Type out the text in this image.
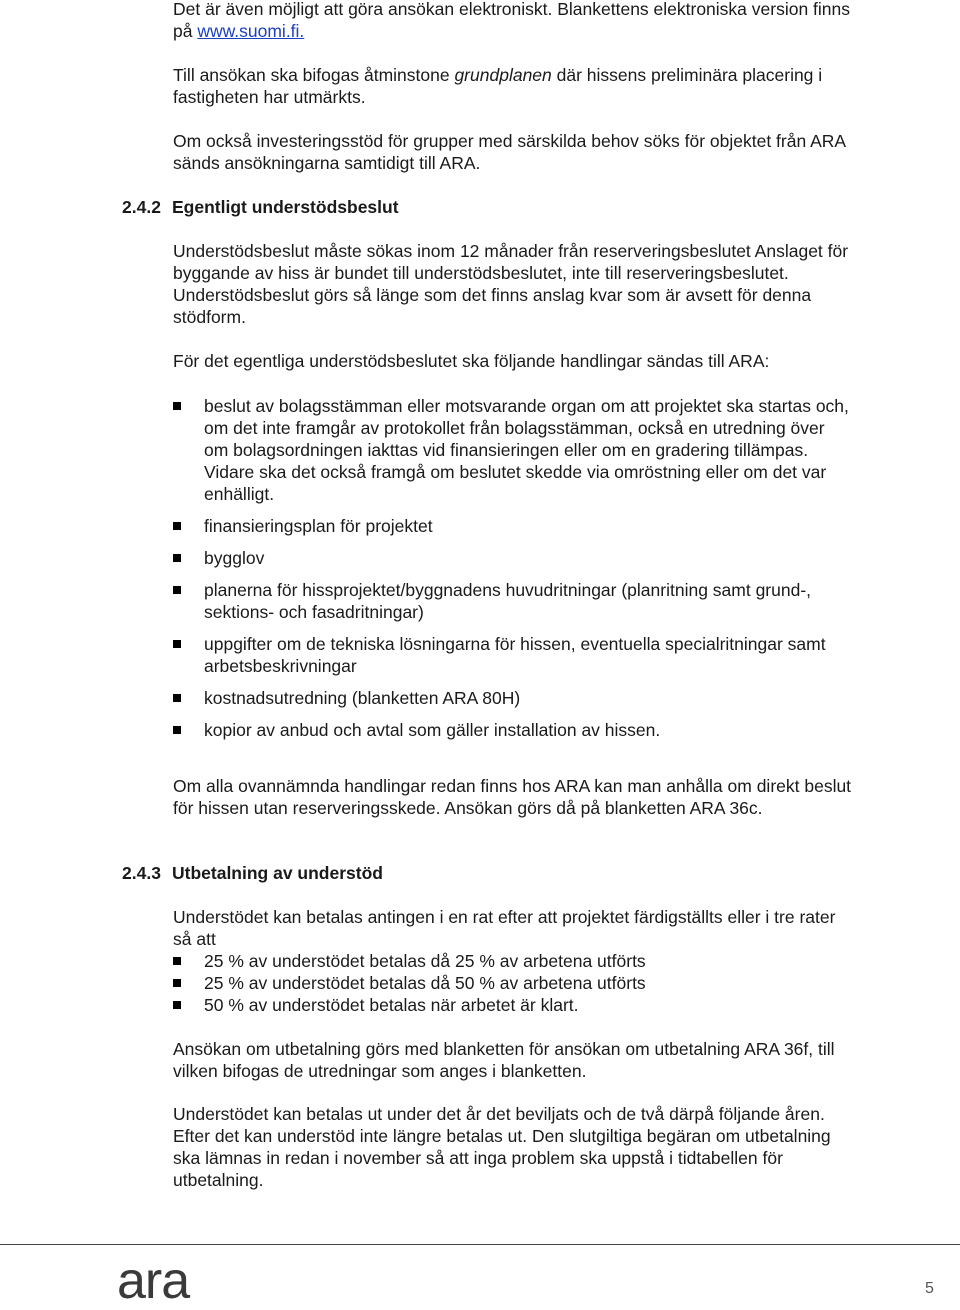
Det är även möjligt att göra ansökan elektroniskt. Blankettens elektroniska version finns på www.suomi.fi.

Till ansökan ska bifogas åtminstone grundplanen där hissens preliminära placering i fastigheten har utmärkts.

Om också investeringsstöd för grupper med särskilda behov söks för objektet från ARA sänds ansökningarna samtidigt till ARA.

2.4.2 Egentligt understödsbeslut

Understödsbeslut måste sökas inom 12 månader från reserveringsbeslutet Anslaget för byggande av hiss är bundet till understödsbeslutet, inte till reserveringsbeslutet. Understödsbeslut görs så länge som det finns anslag kvar som är avsett för denna stödform.

För det egentliga understödsbeslutet ska följande handlingar sändas till ARA:

beslut av bolagsstämman eller motsvarande organ om att projektet ska startas och, om det inte framgår av protokollet från bolagsstämman, också en utredning över om bolagsordningen iakttas vid finansieringen eller om en gradering tillämpas. Vidare ska det också framgå om beslutet skedde via omröstning eller om det var enhälligt.
finansieringsplan för projektet
bygglov
planerna för hissprojektet/byggnadens huvudritningar (planritning samt grund-, sektions- och fasadritningar)
uppgifter om de tekniska lösningarna för hissen, eventuella specialritningar samt arbetsbeskrivningar
kostnadsutredning (blanketten ARA 80H)
kopior av anbud och avtal som gäller installation av hissen.

Om alla ovannämnda handlingar redan finns hos ARA kan man anhålla om direkt beslut för hissen utan reserveringsskede. Ansökan görs då på blanketten ARA 36c.

2.4.3 Utbetalning av understöd

Understödet kan betalas antingen i en rat efter att projektet färdigställts eller i tre rater så att

25 % av understödet betalas då 25 % av arbetena utförts
25 % av understödet betalas då 50 % av arbetena utförts
50 % av understödet betalas när arbetet är klart.

Ansökan om utbetalning görs med blanketten för ansökan om utbetalning ARA 36f, till vilken bifogas de utredningar som anges i blanketten.

Understödet kan betalas ut under det år det beviljats och de två därpå följande åren. Efter det kan understöd inte längre betalas ut. Den slutgiltiga begäran om utbetalning ska lämnas in redan i november så att inga problem ska uppstå i tidtabellen för utbetalning.

ara	5
